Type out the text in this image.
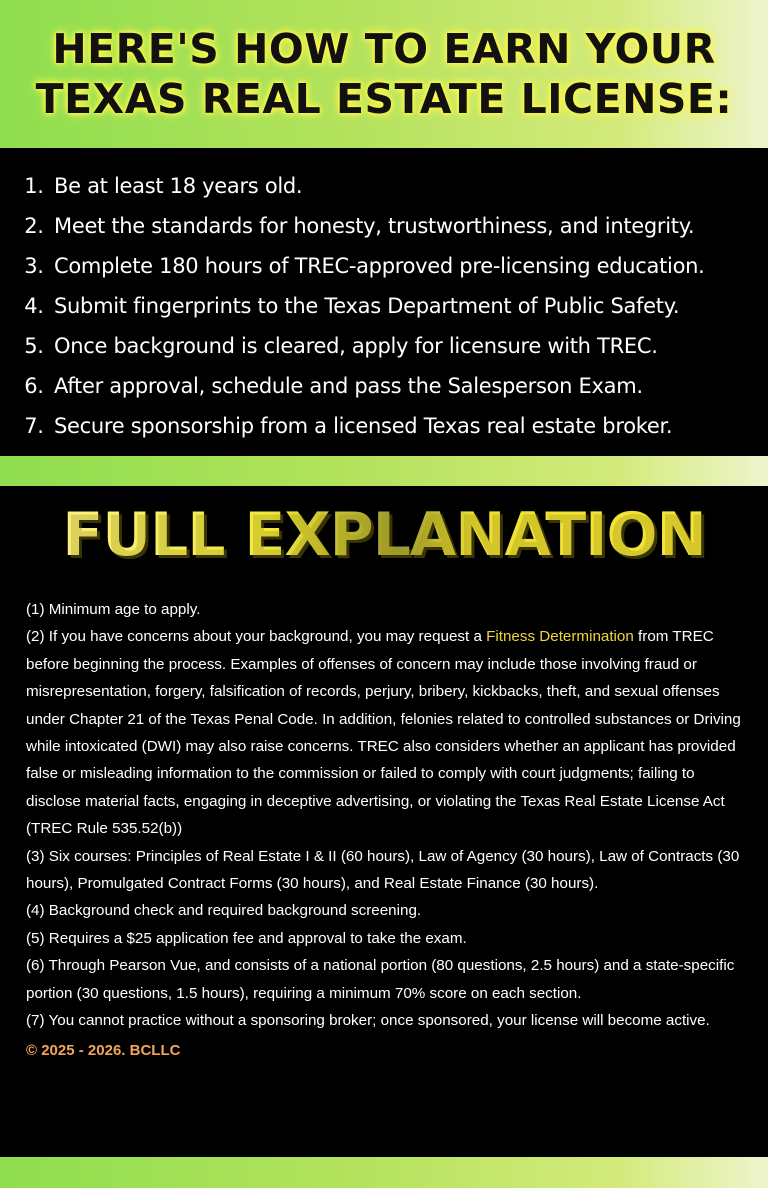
HERE'S HOW TO EARN YOUR
TEXAS REAL ESTATE LICENSE:
1. Be at least 18 years old.
2. Meet the standards for honesty, trustworthiness, and integrity.
3. Complete 180 hours of TREC-approved pre-licensing education.
4. Submit fingerprints to the Texas Department of Public Safety.
5. Once background is cleared, apply for licensure with TREC.
6. After approval, schedule and pass the Salesperson Exam.
7. Secure sponsorship from a licensed Texas real estate broker.
FULL EXPLANATION

(1) Minimum age to apply.

(2) If you have concerns about your background, you may request a Fitness Determination from TREC before beginning the process. Examples of offenses of concern may include those involving fraud or misrepresentation, forgery, falsification of records, perjury, bribery, kickbacks, theft, and sexual offenses under Chapter 21 of the Texas Penal Code. In addition, felonies related to controlled substances or Driving while intoxicated (DWI) may also raise concerns. TREC also considers whether an applicant has provided false or misleading information to the commission or failed to comply with court judgments; failing to disclose material facts, engaging in deceptive advertising, or violating the Texas Real Estate License Act (TREC Rule 535.52(b))

(3) Six courses: Principles of Real Estate I & II (60 hours), Law of Agency (30 hours), Law of Contracts (30 hours), Promulgated Contract Forms (30 hours), and Real Estate Finance (30 hours).

(4) Background check and required background screening.

(5) Requires a $25 application fee and approval to take the exam.

(6) Through Pearson Vue, and consists of a national portion (80 questions, 2.5 hours) and a state-specific portion (30 questions, 1.5 hours), requiring a minimum 70% score on each section.

(7) You cannot practice without a sponsoring broker; once sponsored, your license will become active.

© 2025 - 2026. BCLLC
